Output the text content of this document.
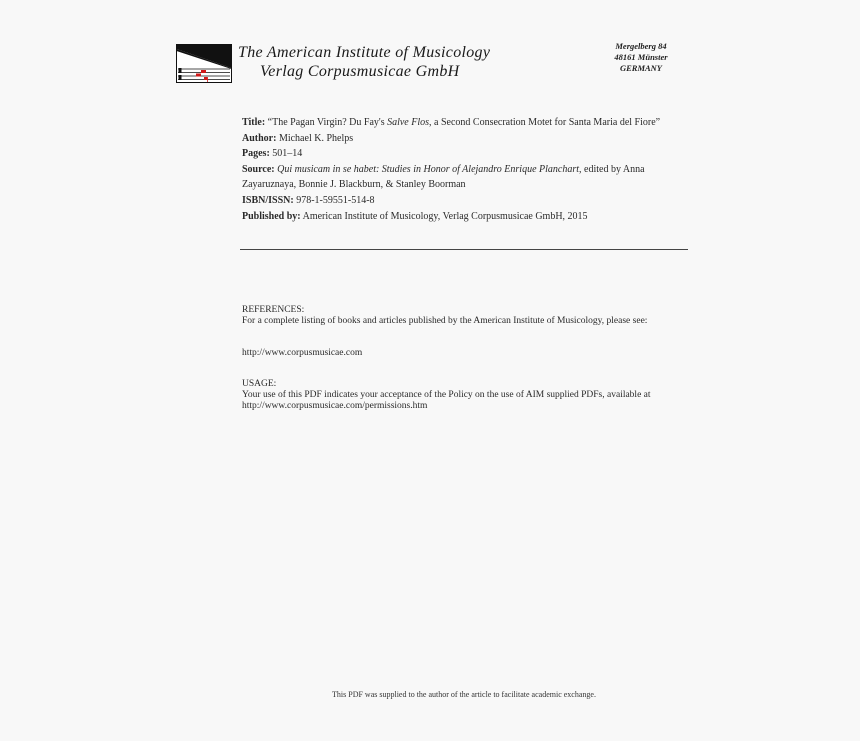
The American Institute of Musicology
Verlag Corpusmusicae GmbH
Mergelberg 84
48161 Münster
GERMANY
Title: “The Pagan Virgin? Du Fay's Salve Flos, a Second Consecration Motet for Santa Maria del Fiore”
Author: Michael K. Phelps
Pages: 501–14
Source: Qui musicam in se habet: Studies in Honor of Alejandro Enrique Planchart, edited by Anna Zayaruznaya, Bonnie J. Blackburn, & Stanley Boorman
ISBN/ISSN: 978-1-59551-514-8
Published by: American Institute of Musicology, Verlag Corpusmusicae GmbH, 2015
REFERENCES:
For a complete listing of books and articles published by the American Institute of Musicology, please see:
http://www.corpusmusicae.com
USAGE:
Your use of this PDF indicates your acceptance of the Policy on the use of AIM supplied PDFs, available at http://www.corpusmusicae.com/permissions.htm
This PDF was supplied to the author of the article to facilitate academic exchange.
